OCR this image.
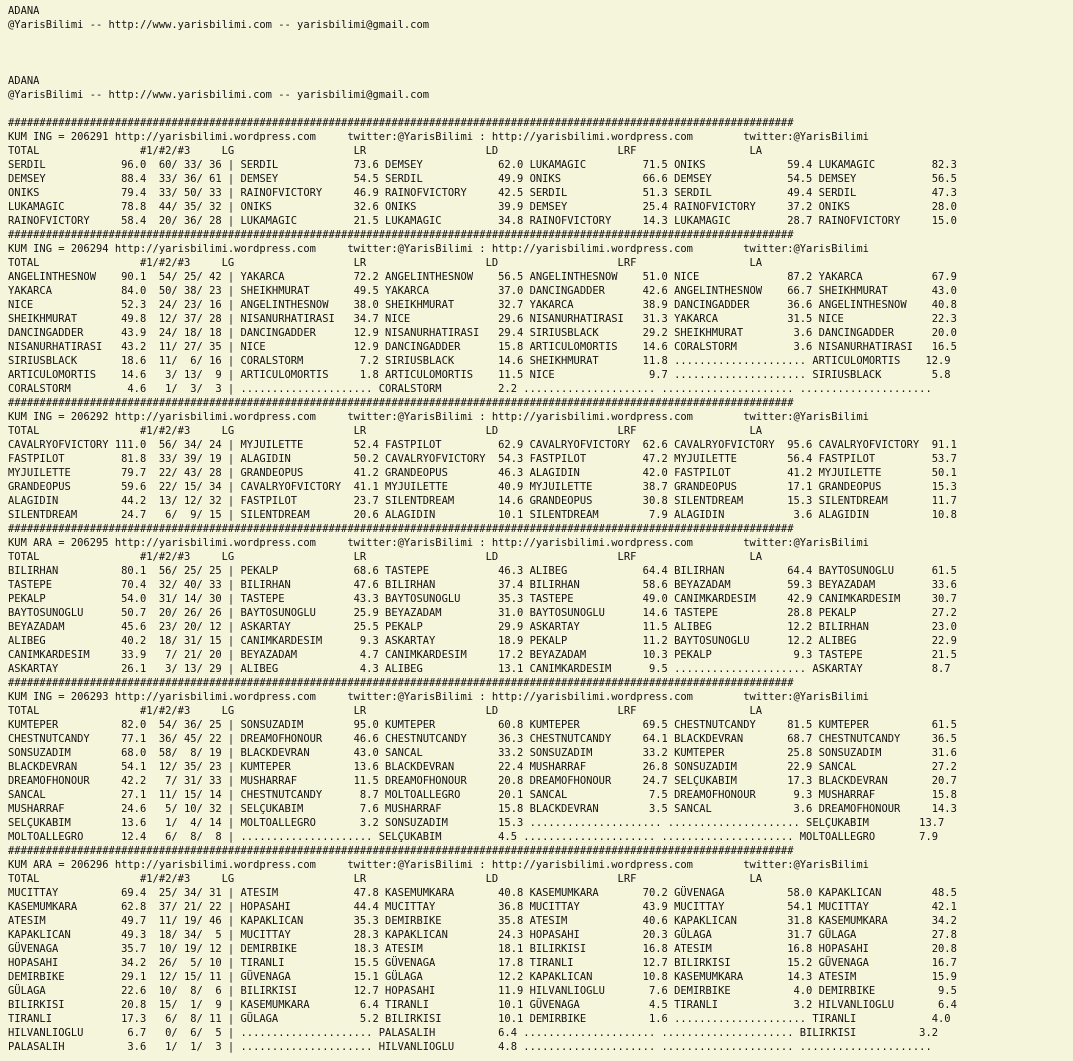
ADANA
@YarisBilimi -- http://www.yarisbilimi.com -- yarisbilimi@gmail.com
ADANA
@YarisBilimi -- http://www.yarisbilimi.com -- yarisbilimi@gmail.com
#############################################################################################################################
KUM ING = 206291 http://yarisbilimi.wordpress.com     twitter:@YarisBilimi : http://yarisbilimi.wordpress.com        twitter:@YarisBilimi
TOTAL                #1/#2/#3     LG                   LR                   LD                   LRF                  LA
SERDIL            96.0  60/ 33/ 36 | SERDIL            73.6 DEMSEY            62.0 LUKAMAGIC         71.5 ONIKS             59.4 LUKAMAGIC         82.3
DEMSEY            88.4  33/ 36/ 61 | DEMSEY            54.5 SERDIL            49.9 ONIKS             66.6 DEMSEY            54.5 DEMSEY            56.5
ONIKS             79.4  33/ 50/ 33 | RAINOFVICTORY     46.9 RAINOFVICTORY     42.5 SERDIL            51.3 SERDIL            49.4 SERDIL            47.3
LUKAMAGIC         78.8  44/ 35/ 32 | ONIKS             32.6 ONIKS             39.9 DEMSEY            25.4 RAINOFVICTORY     37.2 ONIKS             28.0
RAINOFVICTORY     58.4  20/ 36/ 28 | LUKAMAGIC         21.5 LUKAMAGIC         34.8 RAINOFVICTORY     14.3 LUKAMAGIC         28.7 RAINOFVICTORY     15.0
#############################################################################################################################
KUM ING = 206294 http://yarisbilimi.wordpress.com     twitter:@YarisBilimi : http://yarisbilimi.wordpress.com        twitter:@YarisBilimi
TOTAL                #1/#2/#3     LG                   LR                   LD                   LRF                  LA
ANGELINTHESNOW    90.1  54/ 25/ 42 | YAKARCA           72.2 ANGELINTHESNOW    56.5 ANGELINTHESNOW    51.0 NICE              87.2 YAKARCA           67.9
YAKARCA           84.0  50/ 38/ 23 | SHEIKHMURAT       49.5 YAKARCA           37.0 DANCINGADDER      42.6 ANGELINTHESNOW    66.7 SHEIKHMURAT       43.0
NICE              52.3  24/ 23/ 16 | ANGELINTHESNOW    38.0 SHEIKHMURAT       32.7 YAKARCA           38.9 DANCINGADDER      36.6 ANGELINTHESNOW    40.8
SHEIKHMURAT       49.8  12/ 37/ 28 | NISANURHATIRASI   34.7 NICE              29.6 NISANURHATIRASI   31.3 YAKARCA           31.5 NICE              22.3
DANCINGADDER      43.9  24/ 18/ 18 | DANCINGADDER      12.9 NISANURHATIRASI   29.4 SIRIUSBLACK       29.2 SHEIKHMURAT        3.6 DANCINGADDER      20.0
NISANURHATIRASI   43.2  11/ 27/ 35 | NICE              12.9 DANCINGADDER      15.8 ARTICULOMORTIS    14.6 CORALSTORM         3.6 NISANURHATIRASI   16.5
SIRIUSBLACK       18.6  11/  6/ 16 | CORALSTORM         7.2 SIRIUSBLACK       14.6 SHEIKHMURAT       11.8 ..................... ARTICULOMORTIS    12.9
ARTICULOMORTIS    14.6   3/ 13/  9 | ARTICULOMORTIS     1.8 ARTICULOMORTIS    11.5 NICE               9.7 ..................... SIRIUSBLACK        5.8
CORALSTORM         4.6   1/  3/  3 | ..................... CORALSTORM         2.2 ..................... ..................... .....................
#############################################################################################################################
KUM ING = 206292 http://yarisbilimi.wordpress.com     twitter:@YarisBilimi : http://yarisbilimi.wordpress.com        twitter:@YarisBilimi
TOTAL                #1/#2/#3     LG                   LR                   LD                   LRF                  LA
CAVALRYOFVICTORY 111.0  56/ 34/ 24 | MYJUILETTE        52.4 FASTPILOT         62.9 CAVALRYOFVICTORY  62.6 CAVALRYOFVICTORY  95.6 CAVALRYOFVICTORY  91.1
FASTPILOT         81.8  33/ 39/ 19 | ALAGIDIN          50.2 CAVALRYOFVICTORY  54.3 FASTPILOT         47.2 MYJUILETTE        56.4 FASTPILOT         53.7
MYJUILETTE        79.7  22/ 43/ 28 | GRANDEOPUS        41.2 GRANDEOPUS        46.3 ALAGIDIN          42.0 FASTPILOT         41.2 MYJUILETTE        50.1
GRANDEOPUS        59.6  22/ 15/ 34 | CAVALRYOFVICTORY  41.1 MYJUILETTE        40.9 MYJUILETTE        38.7 GRANDEOPUS        17.1 GRANDEOPUS        15.3
ALAGIDIN          44.2  13/ 12/ 32 | FASTPILOT         23.7 SILENTDREAM       14.6 GRANDEOPUS        30.8 SILENTDREAM       15.3 SILENTDREAM       11.7
SILENTDREAM       24.7   6/  9/ 15 | SILENTDREAM       20.6 ALAGIDIN          10.1 SILENTDREAM        7.9 ALAGIDIN           3.6 ALAGIDIN          10.8
#############################################################################################################################
KUM ARA = 206295 http://yarisbilimi.wordpress.com     twitter:@YarisBilimi : http://yarisbilimi.wordpress.com        twitter:@YarisBilimi
TOTAL                #1/#2/#3     LG                   LR                   LD                   LRF                  LA
BILIRHAN          80.1  56/ 25/ 25 | PEKALP            68.6 TASTEPE           46.3 ALIBEG            64.4 BILIRHAN          64.4 BAYTOSUNOGLU      61.5
TASTEPE           70.4  32/ 40/ 33 | BILIRHAN          47.6 BILIRHAN          37.4 BILIRHAN          58.6 BEYAZADAM         59.3 BEYAZADAM         33.6
PEKALP            54.0  31/ 14/ 30 | TASTEPE           43.3 BAYTOSUNOGLU      35.3 TASTEPE           49.0 CANIMKARDESIM     42.9 CANIMKARDESIM     30.7
BAYTOSUNOGLU      50.7  20/ 26/ 26 | BAYTOSUNOGLU      25.9 BEYAZADAM         31.0 BAYTOSUNOGLU      14.6 TASTEPE           28.8 PEKALP            27.2
BEYAZADAM         45.6  23/ 20/ 12 | ASKARTAY          25.5 PEKALP            29.9 ASKARTAY          11.5 ALIBEG            12.2 BILIRHAN          23.0
ALIBEG            40.2  18/ 31/ 15 | CANIMKARDESIM      9.3 ASKARTAY          18.9 PEKALP            11.2 BAYTOSUNOGLU      12.2 ALIBEG            22.9
CANIMKARDESIM     33.9   7/ 21/ 20 | BEYAZADAM          4.7 CANIMKARDESIM     17.2 BEYAZADAM         10.3 PEKALP             9.3 TASTEPE           21.5
ASKARTAY          26.1   3/ 13/ 29 | ALIBEG             4.3 ALIBEG            13.1 CANIMKARDESIM      9.5 ..................... ASKARTAY           8.7
#############################################################################################################################
KUM ING = 206293 http://yarisbilimi.wordpress.com     twitter:@YarisBilimi : http://yarisbilimi.wordpress.com        twitter:@YarisBilimi
TOTAL                #1/#2/#3     LG                   LR                   LD                   LRF                  LA
KUMTEPER          82.0  54/ 36/ 25 | SONSUZADIM        95.0 KUMTEPER          60.8 KUMTEPER          69.5 CHESTNUTCANDY     81.5 KUMTEPER          61.5
CHESTNUTCANDY     77.1  36/ 45/ 22 | DREAMOFHONOUR     46.6 CHESTNUTCANDY     36.3 CHESTNUTCANDY     64.1 BLACKDEVRAN       68.7 CHESTNUTCANDY     36.5
SONSUZADIM        68.0  58/  8/ 19 | BLACKDEVRAN       43.0 SANCAL            33.2 SONSUZADIM        33.2 KUMTEPER          25.8 SONSUZADIM        31.6
BLACKDEVRAN       54.1  12/ 35/ 23 | KUMTEPER          13.6 BLACKDEVRAN       22.4 MUSHARRAF         26.8 SONSUZADIM        22.9 SANCAL            27.2
DREAMOFHONOUR     42.2   7/ 31/ 33 | MUSHARRAF         11.5 DREAMOFHONOUR     20.8 DREAMOFHONOUR     24.7 SELÇUKABIM        17.3 BLACKDEVRAN       20.7
SANCAL            27.1  11/ 15/ 14 | CHESTNUTCANDY      8.7 MOLTOALLEGRO      20.1 SANCAL             7.5 DREAMOFHONOUR      9.3 MUSHARRAF         15.8
MUSHARRAF         24.6   5/ 10/ 32 | SELÇUKABIM         7.6 MUSHARRAF         15.8 BLACKDEVRAN        3.5 SANCAL             3.6 DREAMOFHONOUR     14.3
SELÇUKABIM        13.6   1/  4/ 14 | MOLTOALLEGRO       3.2 SONSUZADIM        15.3 ..................... ..................... SELÇUKABIM        13.7
MOLTOALLEGRO      12.4   6/  8/  8 | ..................... SELÇUKABIM         4.5 ..................... ..................... MOLTOALLEGRO       7.9
#############################################################################################################################
KUM ARA = 206296 http://yarisbilimi.wordpress.com     twitter:@YarisBilimi : http://yarisbilimi.wordpress.com        twitter:@YarisBilimi
TOTAL                #1/#2/#3     LG                   LR                   LD                   LRF                  LA
MUCITTAY          69.4  25/ 34/ 31 | ATESIM            47.8 KASEMUMKARA       40.8 KASEMUMKARA       70.2 GÜVENAGA          58.0 KAPAKLICAN        48.5
KASEMUMKARA       62.8  37/ 21/ 22 | HOPASAHI          44.4 MUCITTAY          36.8 MUCITTAY          43.9 MUCITTAY          54.1 MUCITTAY          42.1
ATESIM            49.7  11/ 19/ 46 | KAPAKLICAN        35.3 DEMIRBIKE         35.8 ATESIM            40.6 KAPAKLICAN        31.8 KASEMUMKARA       34.2
KAPAKLICAN        49.3  18/ 34/  5 | MUCITTAY          28.3 KAPAKLICAN        24.3 HOPASAHI          20.3 GÜLAGA            31.7 GÜLAGA            27.8
GÜVENAGA          35.7  10/ 19/ 12 | DEMIRBIKE         18.3 ATESIM            18.1 BILIRKISI         16.8 ATESIM            16.8 HOPASAHI          20.8
HOPASAHI          34.2  26/  5/ 10 | TIRANLI           15.5 GÜVENAGA          17.8 TIRANLI           12.7 BILIRKISI         15.2 GÜVENAGA          16.7
DEMIRBIKE         29.1  12/ 15/ 11 | GÜVENAGA          15.1 GÜLAGA            12.2 KAPAKLICAN        10.8 KASEMUMKARA       14.3 ATESIM            15.9
GÜLAGA            22.6  10/  8/  6 | BILIRKISI         12.7 HOPASAHI          11.9 HILVANLIOGLU       7.6 DEMIRBIKE          4.0 DEMIRBIKE          9.5
BILIRKISI         20.8  15/  1/  9 | KASEMUMKARA        6.4 TIRANLI           10.1 GÜVENAGA           4.5 TIRANLI            3.2 HILVANLIOGLU       6.4
TIRANLI           17.3   6/  8/ 11 | GÜLAGA             5.2 BILIRKISI         10.1 DEMIRBIKE          1.6 ..................... TIRANLI            4.0
HILVANLIOGLU       6.7   0/  6/  5 | ..................... PALASALIH          6.4 ..................... ..................... BILIRKISI          3.2
PALASALIH          3.6   1/  1/  3 | ..................... HILVANLIOGLU       4.8 ..................... ..................... .....................
